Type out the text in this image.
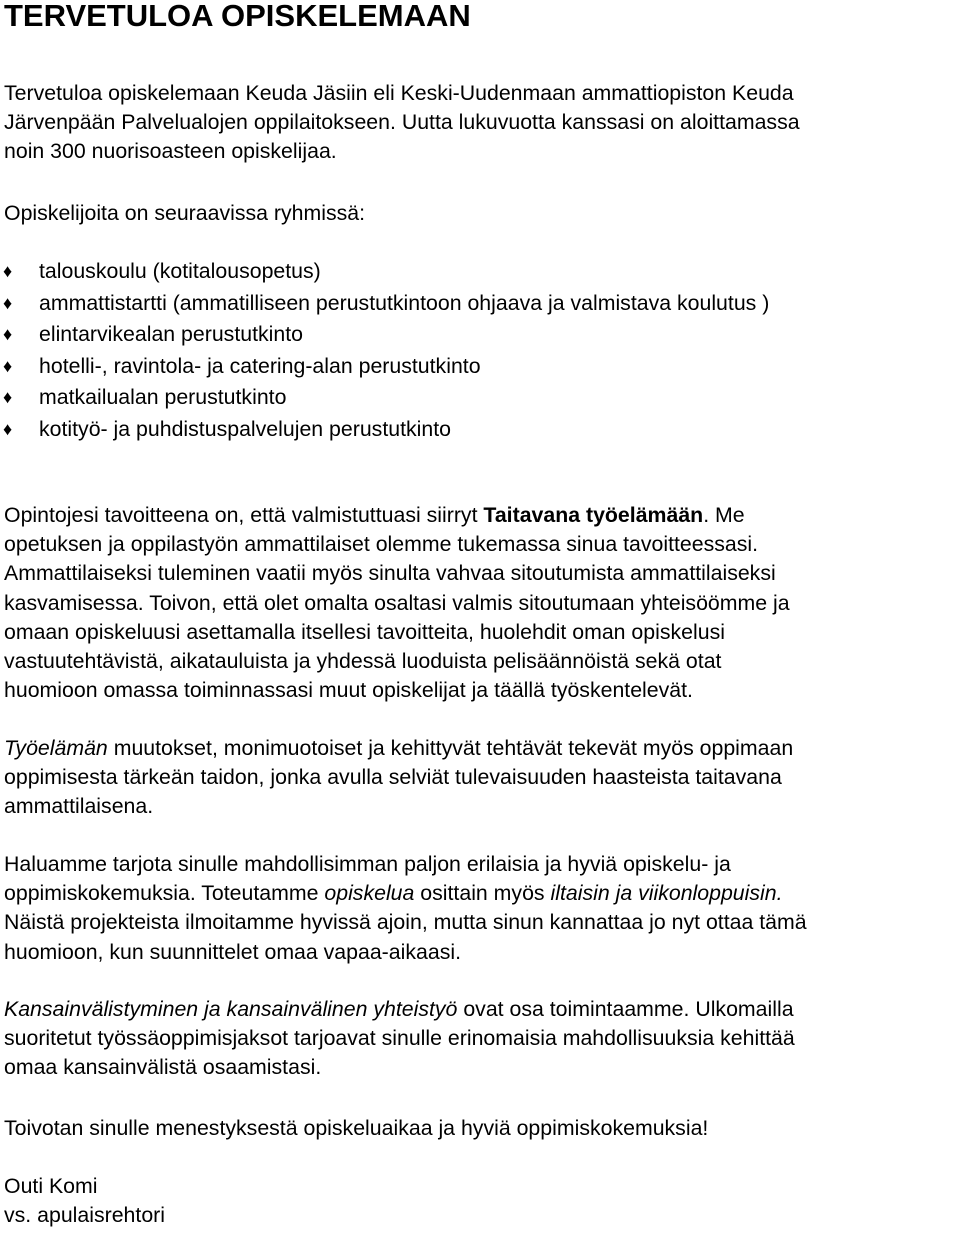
TERVETULOA OPISKELEMAAN

Tervetuloa opiskelemaan Keuda Jäsiin eli Keski-Uudenmaan ammattiopiston Keuda
Järvenpään Palvelualojen oppilaitokseen. Uutta lukuvuotta kanssasi on aloittamassa
noin 300 nuorisoasteen opiskelijaa.

Opiskelijoita on seuraavissa ryhmissä:

♦ talouskoulu (kotitalousopetus)
♦ ammattistartti (ammatilliseen perustutkintoon ohjaava ja valmistava koulutus )
♦ elintarvikealan perustutkinto
♦ hotelli-, ravintola- ja catering-alan perustutkinto
♦ matkailualan perustutkinto
♦ kotityö- ja puhdistuspalvelujen perustutkinto

Opintojesi tavoitteena on, että valmistuttuasi siirryt Taitavana työelämään. Me
opetuksen ja oppilastyön ammattilaiset olemme tukemassa sinua tavoitteessasi.
Ammattilaiseksi tuleminen vaatii myös sinulta vahvaa sitoutumista ammattilaiseksi
kasvamisessa. Toivon, että olet omalta osaltasi valmis sitoutumaan yhteisöömme ja
omaan opiskeluusi asettamalla itsellesi tavoitteita, huolehdit oman opiskelusi
vastuutehtävistä, aikatauluista ja yhdessä luoduista pelisäännöistä sekä otat
huomioon omassa toiminnassasi muut opiskelijat ja täällä työskentelevät.

Työelämän muutokset, monimuotoiset ja kehittyvät tehtävät tekevät myös oppimaan
oppimisesta tärkeän taidon, jonka avulla selviät tulevaisuuden haasteista taitavana
ammattilaisena.

Haluamme tarjota sinulle mahdollisimman paljon erilaisia ja hyviä opiskelu- ja
oppimiskokemuksia. Toteutamme opiskelua osittain myös iltaisin ja viikonloppuisin.
Näistä projekteista ilmoitamme hyvissä ajoin, mutta sinun kannattaa jo nyt ottaa tämä
huomioon, kun suunnittelet omaa vapaa-aikaasi.

Kansainvälistyminen ja kansainvälinen yhteistyö ovat osa toimintaamme. Ulkomailla
suoritetut työssäoppimisjaksot tarjoavat sinulle erinomaisia mahdollisuuksia kehittää
omaa kansainvälistä osaamistasi.

Toivotan sinulle menestyksestä opiskeluaikaa ja hyviä oppimiskokemuksia!

Outi Komi
vs. apulaisrehtori
